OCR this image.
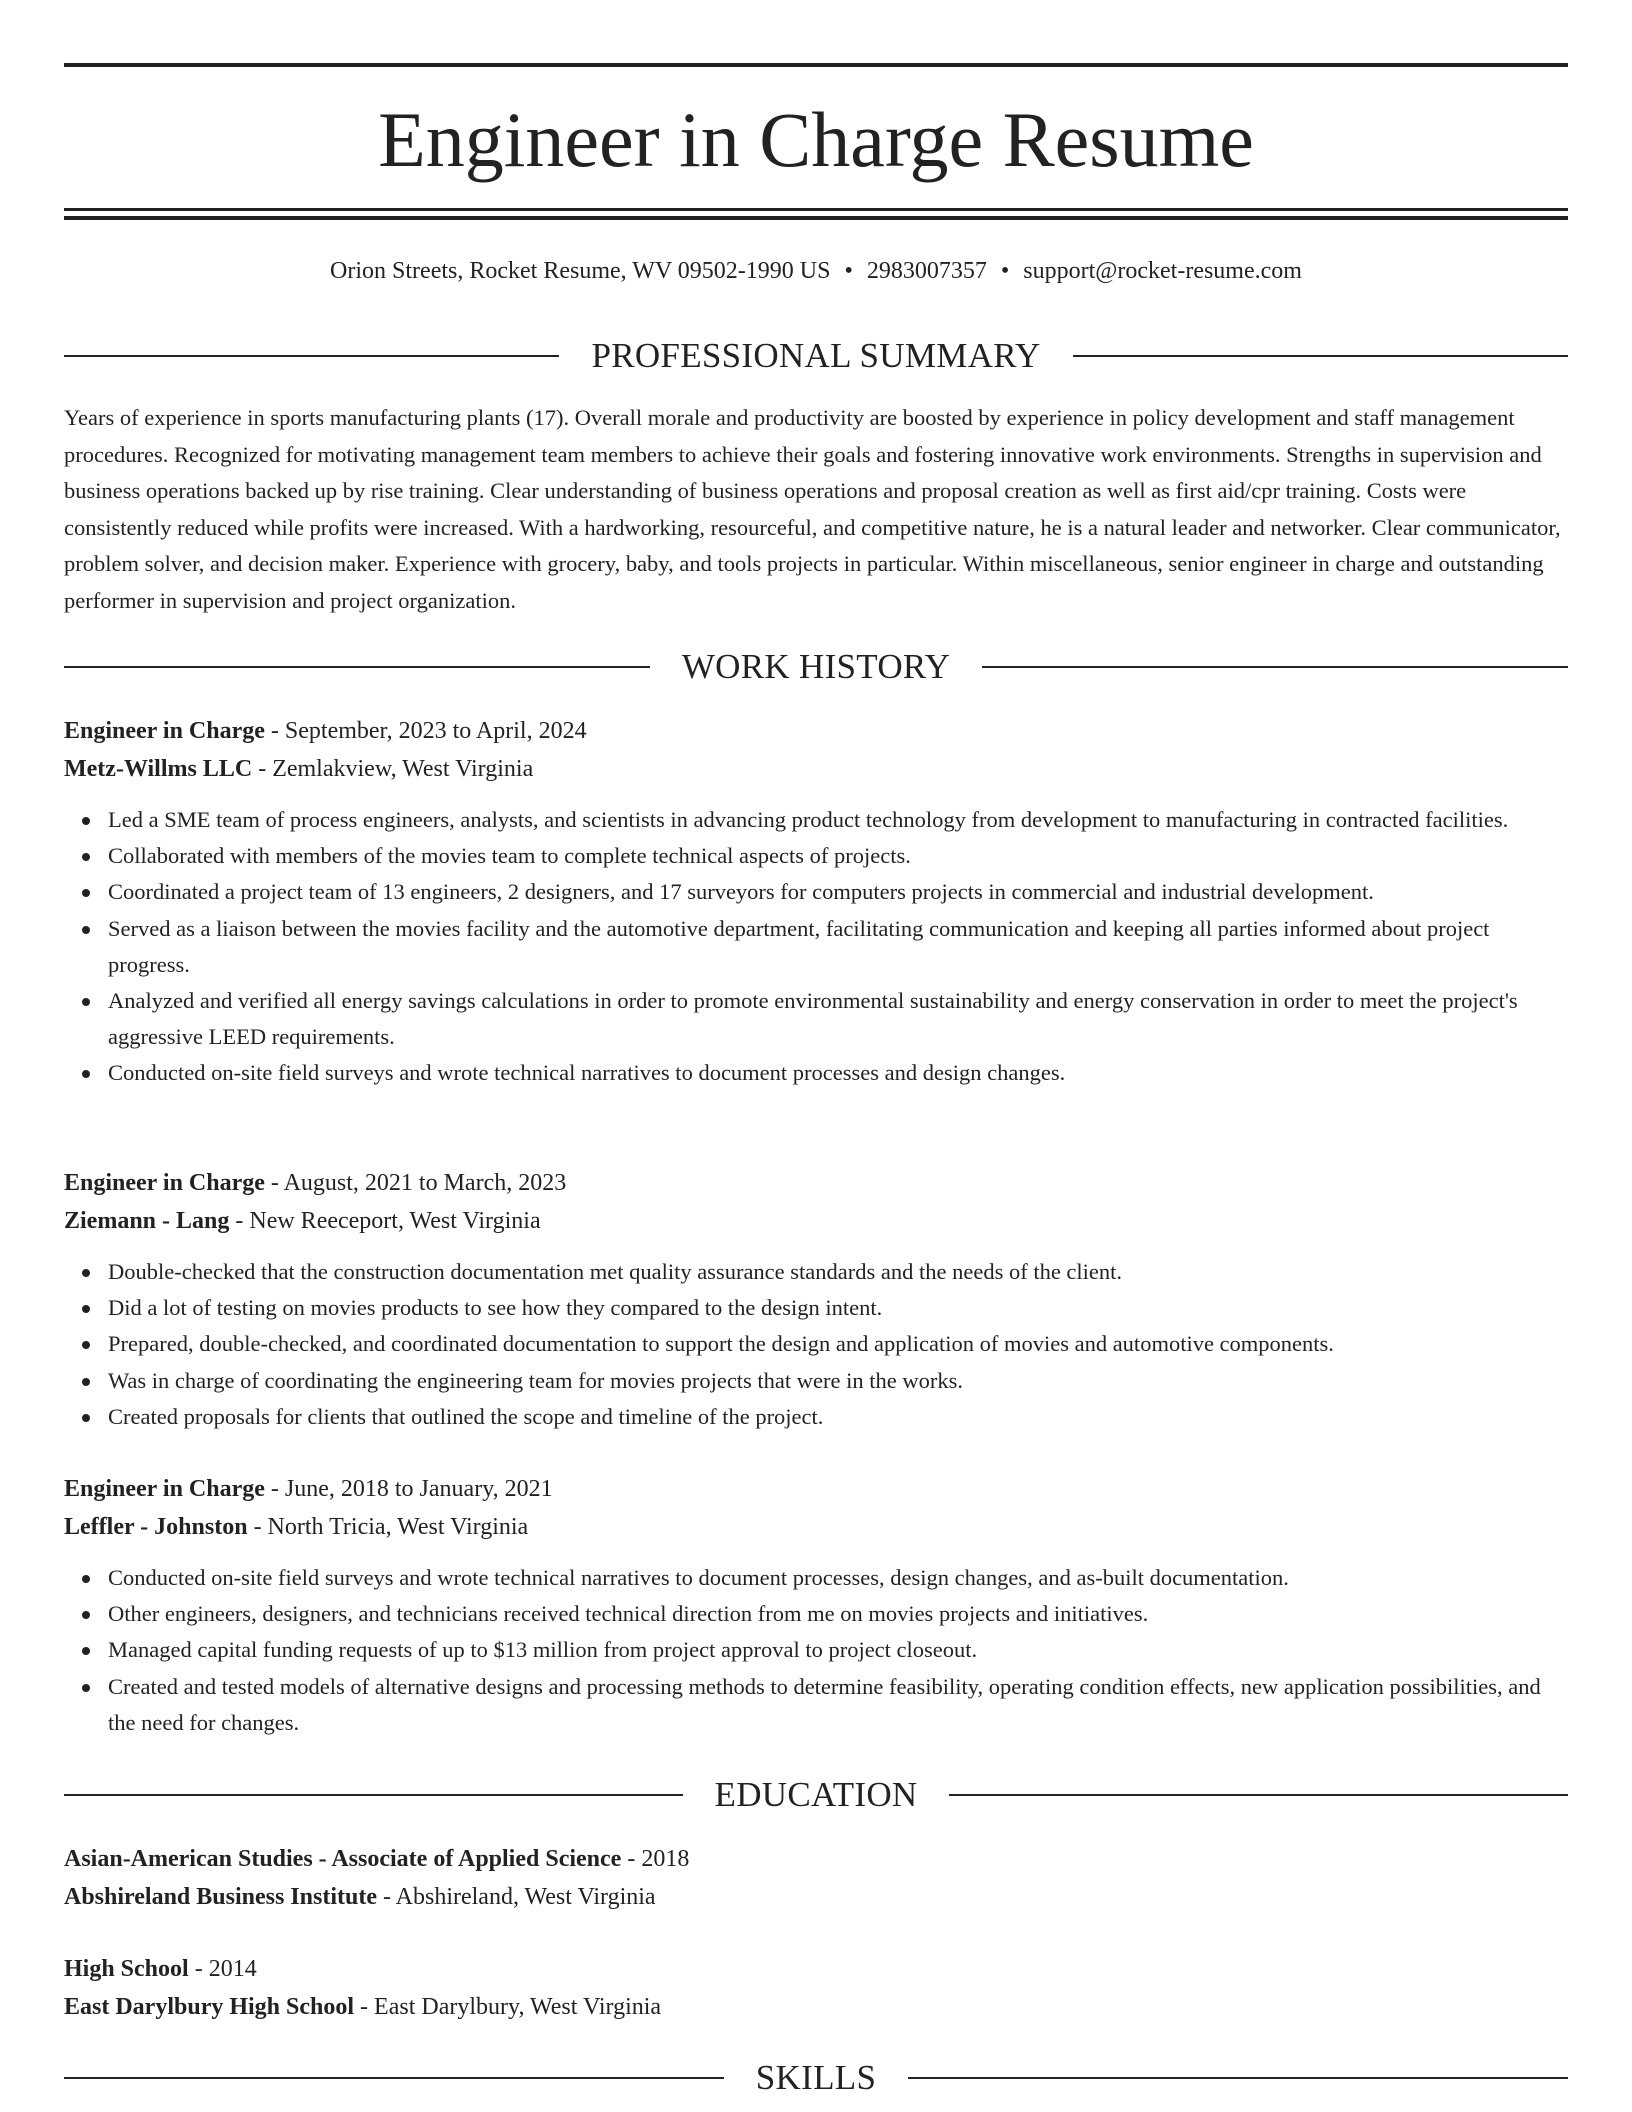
Engineer in Charge Resume
Orion Streets, Rocket Resume, WV 09502-1990 US • 2983007357 • support@rocket-resume.com
PROFESSIONAL SUMMARY

Years of experience in sports manufacturing plants (17). Overall morale and productivity are boosted by experience in policy development and staff management procedures. Recognized for motivating management team members to achieve their goals and fostering innovative work environments. Strengths in supervision and business operations backed up by rise training. Clear understanding of business operations and proposal creation as well as first aid/cpr training. Costs were consistently reduced while profits were increased. With a hardworking, resourceful, and competitive nature, he is a natural leader and networker. Clear communicator, problem solver, and decision maker. Experience with grocery, baby, and tools projects in particular. Within miscellaneous, senior engineer in charge and outstanding performer in supervision and project organization.

WORK HISTORY
Engineer in Charge - September, 2023 to April, 2024
Metz-Willms LLC - Zemlakview, West Virginia
Led a SME team of process engineers, analysts, and scientists in advancing product technology from development to manufacturing in contracted facilities.
Collaborated with members of the movies team to complete technical aspects of projects.
Coordinated a project team of 13 engineers, 2 designers, and 17 surveyors for computers projects in commercial and industrial development.
Served as a liaison between the movies facility and the automotive department, facilitating communication and keeping all parties informed about project progress.
Analyzed and verified all energy savings calculations in order to promote environmental sustainability and energy conservation in order to meet the project's aggressive LEED requirements.
Conducted on-site field surveys and wrote technical narratives to document processes and design changes.
Engineer in Charge - August, 2021 to March, 2023
Ziemann - Lang - New Reeceport, West Virginia
Double-checked that the construction documentation met quality assurance standards and the needs of the client.
Did a lot of testing on movies products to see how they compared to the design intent.
Prepared, double-checked, and coordinated documentation to support the design and application of movies and automotive components.
Was in charge of coordinating the engineering team for movies projects that were in the works.
Created proposals for clients that outlined the scope and timeline of the project.
Engineer in Charge - June, 2018 to January, 2021
Leffler - Johnston - North Tricia, West Virginia
Conducted on-site field surveys and wrote technical narratives to document processes, design changes, and as-built documentation.
Other engineers, designers, and technicians received technical direction from me on movies projects and initiatives.
Managed capital funding requests of up to $13 million from project approval to project closeout.
Created and tested models of alternative designs and processing methods to determine feasibility, operating condition effects, new application possibilities, and the need for changes.
EDUCATION
Asian-American Studies - Associate of Applied Science - 2018
Abshireland Business Institute - Abshireland, West Virginia
High School - 2014
East Darylbury High School - East Darylbury, West Virginia
SKILLS
